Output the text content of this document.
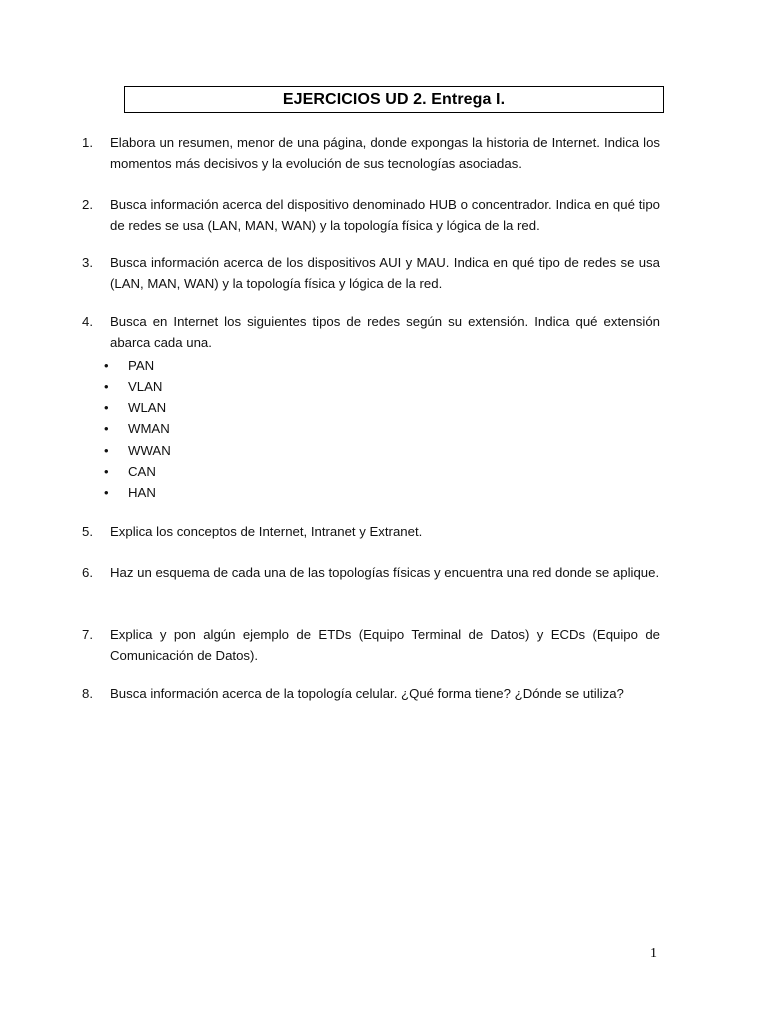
EJERCICIOS UD 2. Entrega I.
1.	Elabora un resumen, menor de una página, donde expongas la historia de Internet. Indica los momentos más decisivos y la evolución de sus tecnologías asociadas.
2.	Busca información acerca del dispositivo denominado HUB o concentrador. Indica en qué tipo de redes se usa (LAN, MAN, WAN) y la topología física y lógica de la red.
3.	Busca información acerca de los dispositivos AUI y MAU. Indica en qué tipo de redes se usa (LAN, MAN, WAN) y la topología física y lógica de la red.
4.	Busca en Internet los siguientes tipos de redes según su extensión. Indica qué extensión abarca cada una.
• PAN
• VLAN
• WLAN
• WMAN
• WWAN
• CAN
• HAN
5.	Explica los conceptos de Internet, Intranet y Extranet.
6.	Haz un esquema de cada una de las topologías físicas y encuentra una red donde se aplique.
7.	Explica y pon algún ejemplo de ETDs (Equipo Terminal de Datos) y ECDs (Equipo de Comunicación de Datos).
8.	Busca información acerca de la topología celular. ¿Qué forma tiene? ¿Dónde se utiliza?
1
